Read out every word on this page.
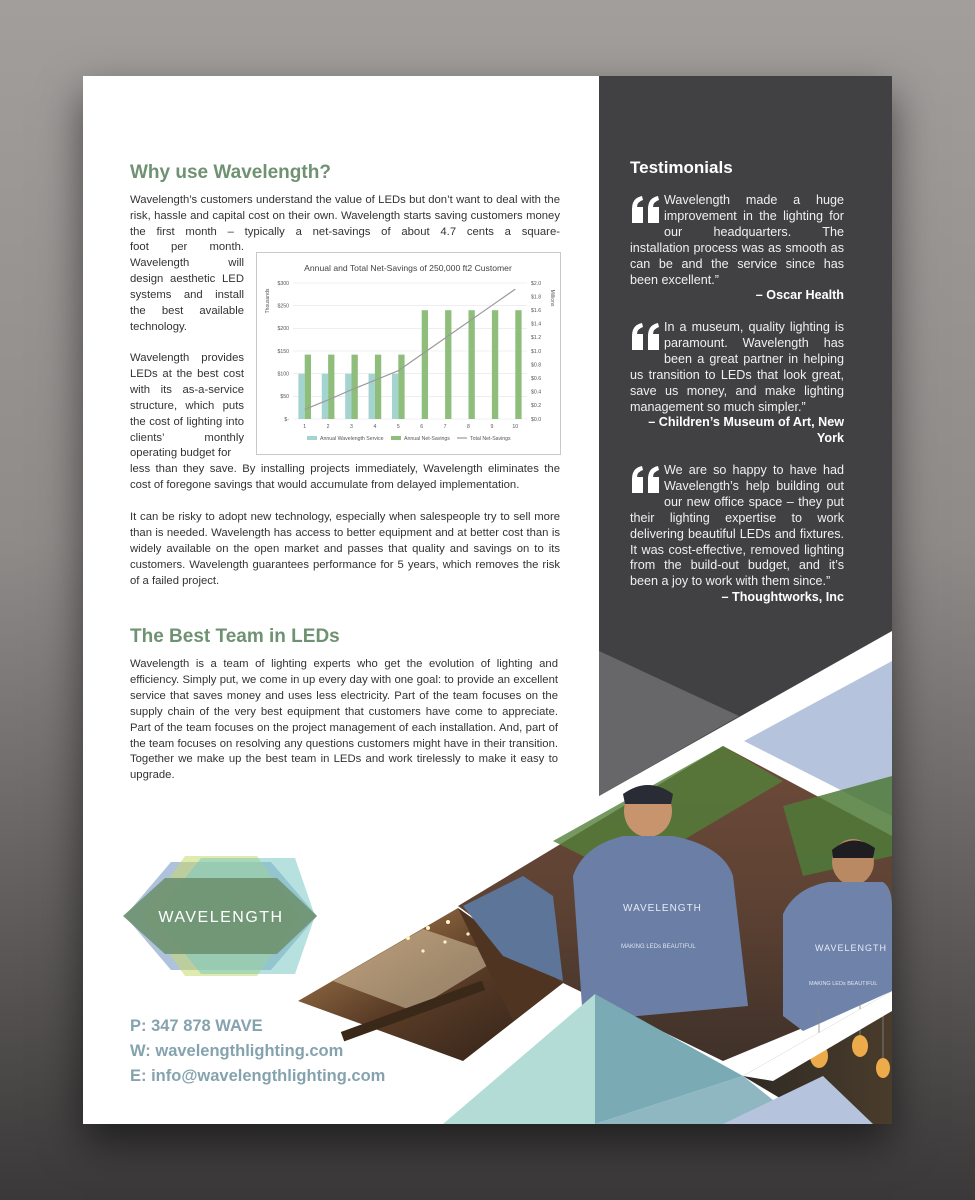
Testimonials
Wavelength made a huge improvement in the lighting for our headquarters. The installation process was as smooth as can be and the service since has been excellent.”
– Oscar Health
In a museum, quality lighting is paramount. Wavelength has been a great partner in helping us transition to LEDs that look great, save us money, and make lighting management so much simpler.”
– Children’s Museum of Art, New York
We are so happy to have had Wavelength’s help building out our new office space – they put their lighting expertise to work delivering beautiful LEDs and fixtures. It was cost-effective, removed lighting from the build-out budget, and it’s been a joy to work with them since.”
– Thoughtworks, Inc
WAVELENGTH
MAKING LEDs BEAUTIFUL	WAVELENGTH
MAKING LEDs BEAUTIFUL
Why use Wavelength?

Wavelength’s customers understand the value of LEDs but don’t want to deal with the risk, hassle and capital cost on their own. Wavelength starts saving customers money the first month – typically a net-savings of about 4.7 cents a square-

foot per month. Wavelength will design aesthetic LED systems and install the best available technology.

Wavelength provides LEDs at the best cost with its as-a-service structure, which puts the cost of lighting into clients’ monthly operating budget for

less than they save. By installing projects immediately, Wavelength eliminates the cost of foregone savings that would accumulate from delayed implementation.

It can be risky to adopt new technology, especially when salespeople try to sell more than is needed. Wavelength has access to better equipment and at better cost than is widely available on the open market and passes that quality and savings on to its customers. Wavelength guarantees performance for 5 years, which removes the risk of a failed project.

Annual and Total Net-Savings of 250,000 ft2 Customer
Thousands	Millions
$-
$50
$100
$150
$200
$250
$300
$0.0
$0.2
$0.4
$0.6
$0.8
$1.0
$1.2
$1.4
$1.6
$1.8
$2.0
1	2	3	4	5	6	7	8	9	10
Annual Wavelength Service	Annual Net-Savings	Total Net-Savings
The Best Team in LEDs

Wavelength is a team of lighting experts who get the evolution of lighting and efficiency. Simply put, we come in up every day with one goal: to provide an excellent service that saves money and uses less electricity. Part of the team focuses on the supply chain of the very best equipment that customers have come to appreciate. Part of the team focuses on the project management of each installation. And, part of the team focuses on resolving any questions customers might have in their transition. Together we make up the best team in LEDs and work tirelessly to make it easy to upgrade.

WAVELENGTH
P: 347 878 WAVE
W: wavelengthlighting.com
E: info@wavelengthlighting.com
